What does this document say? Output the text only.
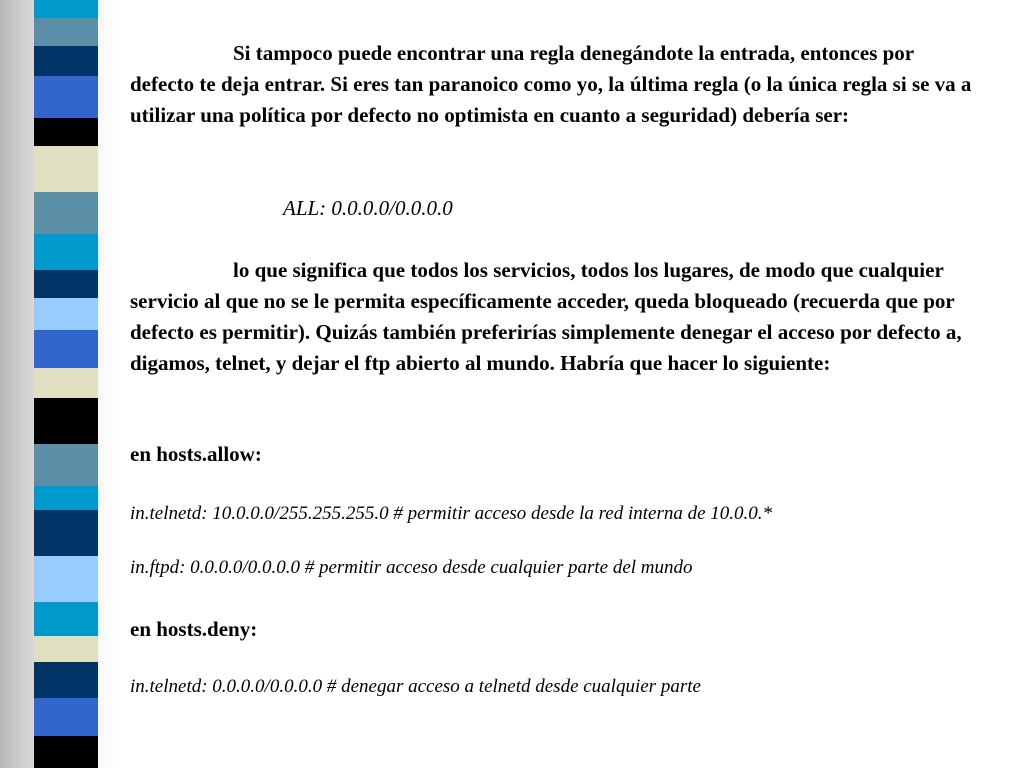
Si tampoco puede encontrar una regla denegándote la entrada, entonces por defecto te deja entrar. Si eres tan paranoico como yo, la última regla (o la única regla si se va a utilizar una política por defecto no optimista en cuanto a seguridad) debería ser:
ALL: 0.0.0.0/0.0.0.0
lo que significa que todos los servicios, todos los lugares, de modo que cualquier servicio al que no se le permita específicamente acceder, queda bloqueado (recuerda que por defecto es permitir). Quizás también preferirías simplemente denegar el acceso por defecto a, digamos, telnet, y dejar el ftp abierto al mundo. Habría que hacer lo siguiente:
en hosts.allow:
in.telnetd: 10.0.0.0/255.255.255.0 # permitir acceso desde la red interna de 10.0.0.*
in.ftpd: 0.0.0.0/0.0.0.0 # permitir acceso desde cualquier parte del mundo
en hosts.deny:
in.telnetd: 0.0.0.0/0.0.0.0 # denegar acceso a telnetd desde cualquier parte
